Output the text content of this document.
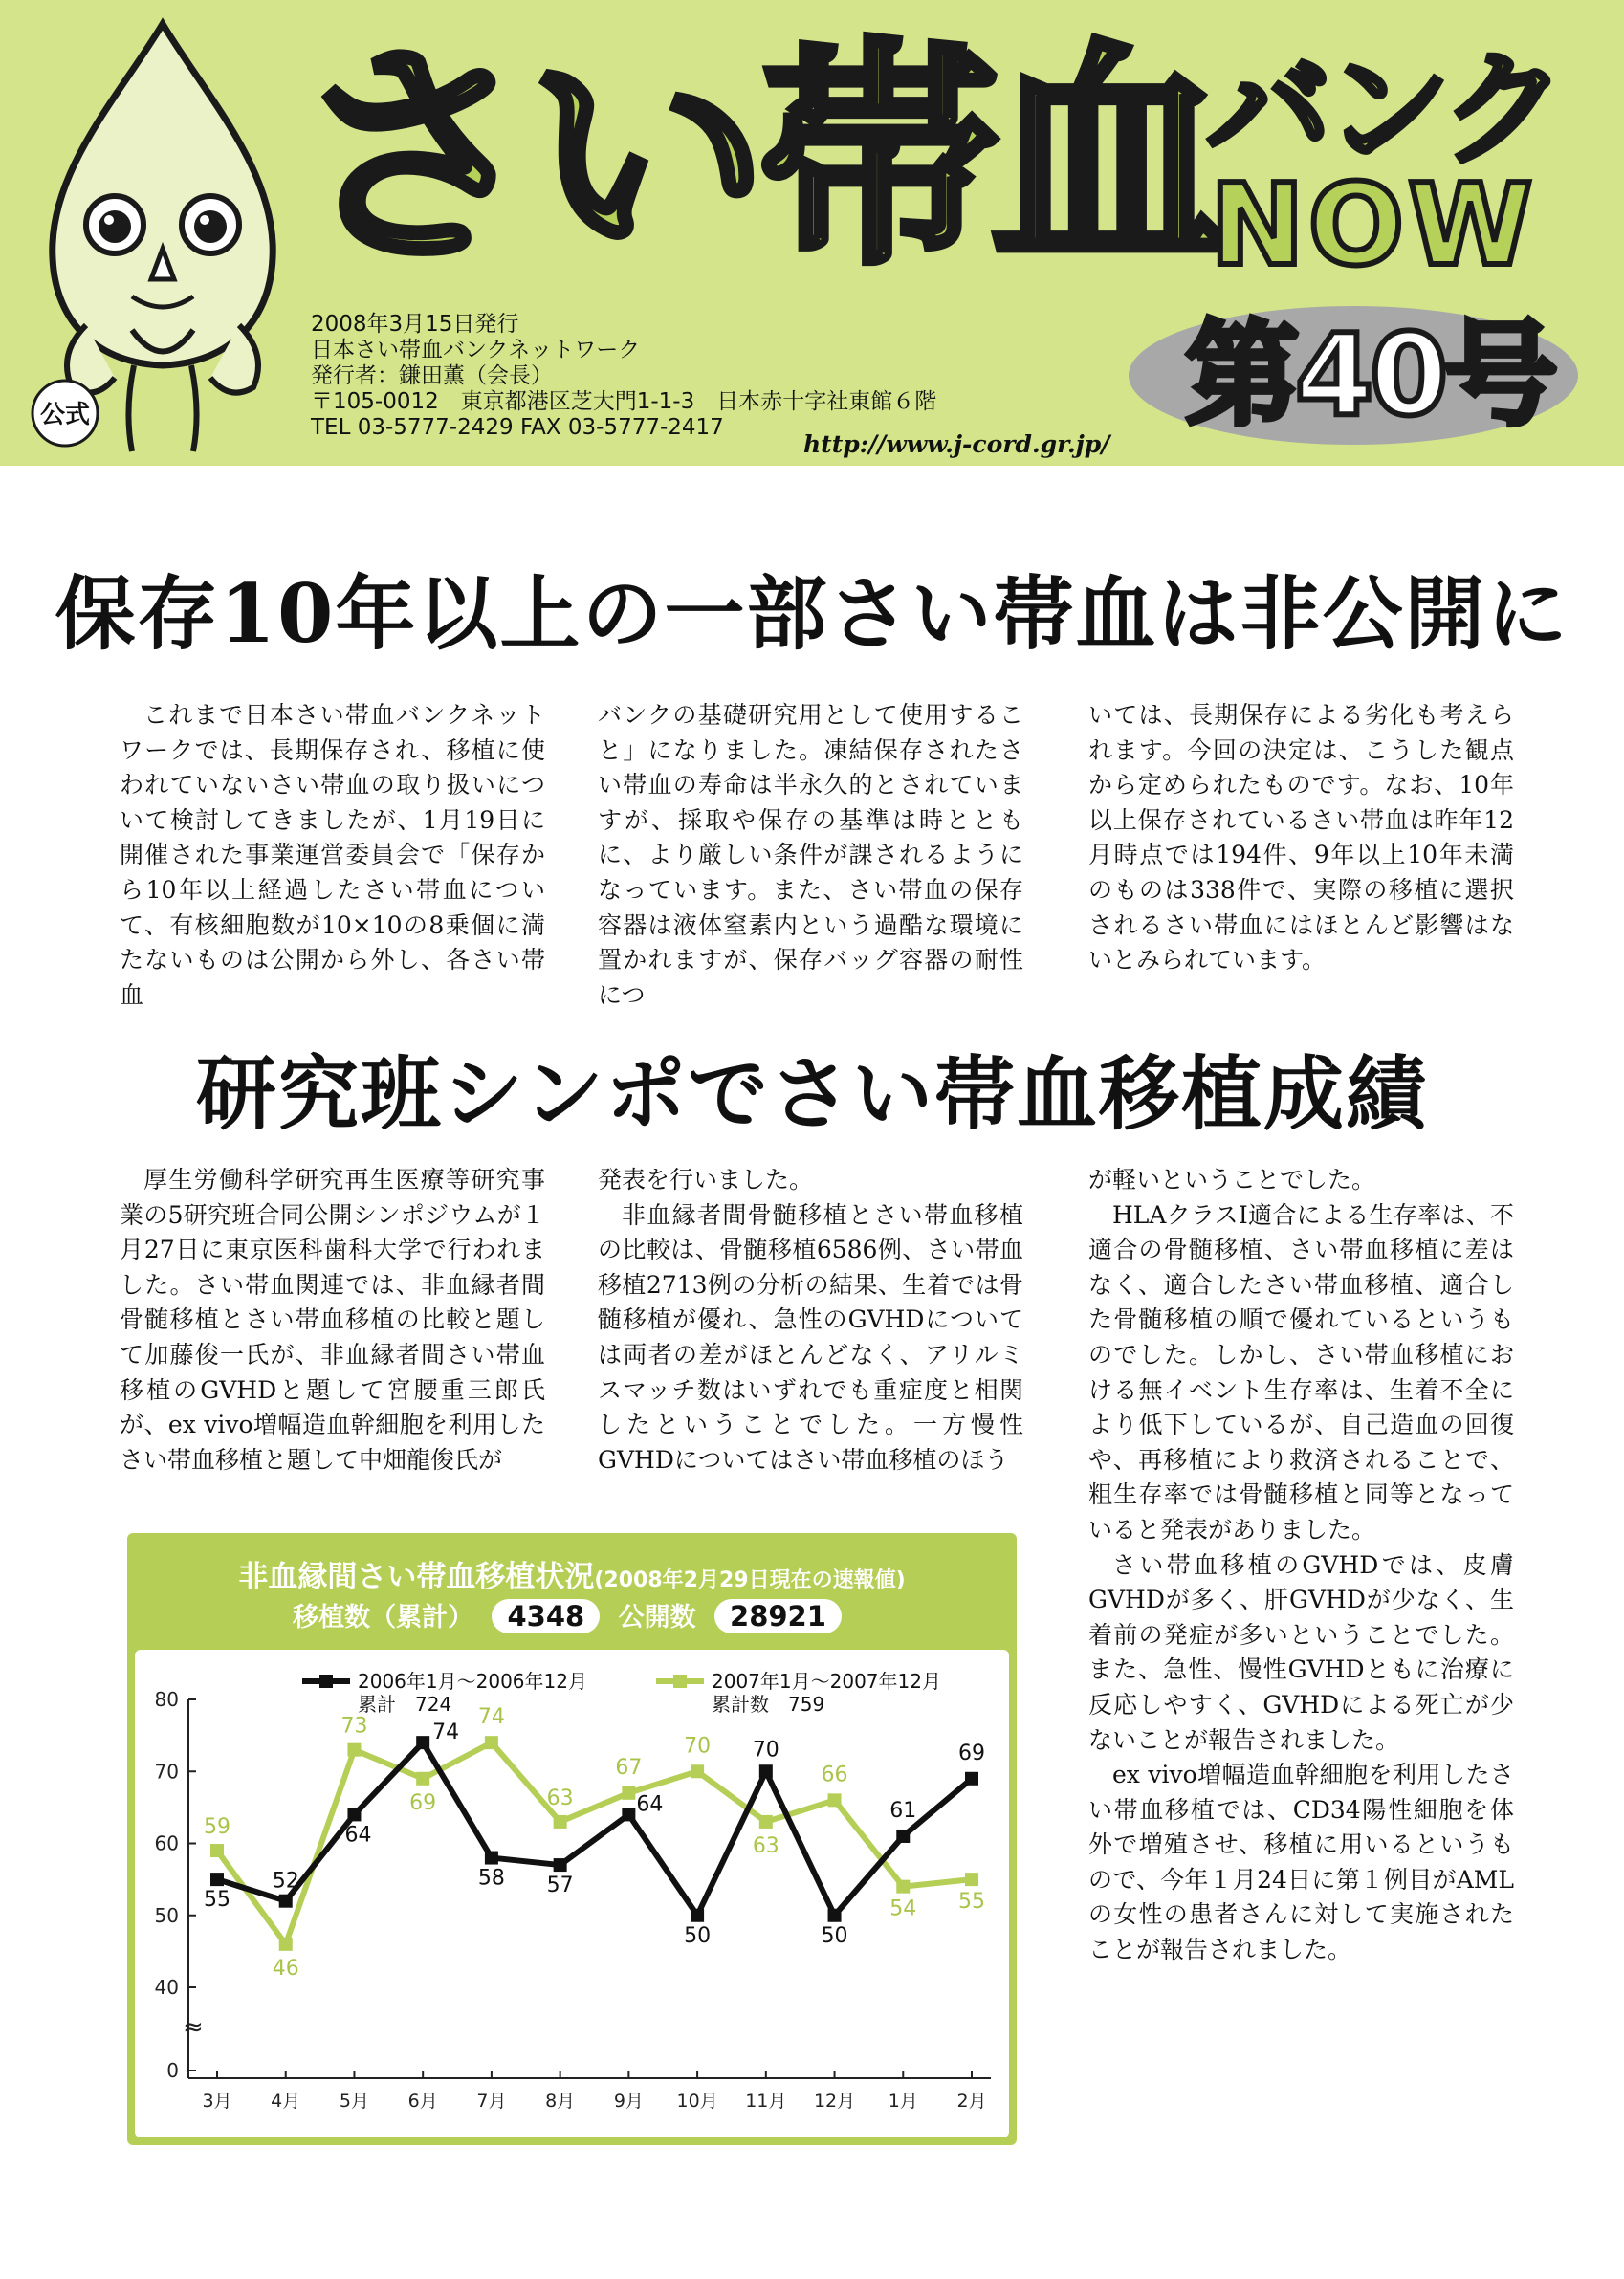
公式
さい帯血
バンク
NOW
第40号
2008年3月15日発行
日本さい帯血バンクネットワーク
発行者：鎌田薫（会長）
〒105-0012　東京都港区芝大門1-1-3　日本赤十字社東館６階
TEL 03-5777-2429 FAX 03-5777-2417
http://www.j-cord.gr.jp/
保存10年以上の一部さい帯血は非公開に

これまで日本さい帯血バンクネットワークでは、長期保存され、移植に使われていないさい帯血の取り扱いについて検討してきましたが、1月19日に開催された事業運営委員会で「保存から10年以上経過したさい帯血について、有核細胞数が10×10の8乗個に満たないものは公開から外し、各さい帯血

バンクの基礎研究用として使用すること」になりました。凍結保存されたさい帯血の寿命は半永久的とされていますが、採取や保存の基準は時とともに、より厳しい条件が課されるようになっています。また、さい帯血の保存容器は液体窒素内という過酷な環境に置かれますが、保存バッグ容器の耐性につ

いては、長期保存による劣化も考えられます。今回の決定は、こうした観点から定められたものです。なお、10年以上保存されているさい帯血は昨年12月時点では194件、9年以上10年未満のものは338件で、実際の移植に選択されるさい帯血にはほとんど影響はないとみられています。

研究班シンポでさい帯血移植成績

厚生労働科学研究再生医療等研究事業の5研究班合同公開シンポジウムが１月27日に東京医科歯科大学で行われました。さい帯血関連では、非血縁者間骨髄移植とさい帯血移植の比較と題して加藤俊一氏が、非血縁者間さい帯血移植のGVHDと題して宮腰重三郎氏が、ex vivo増幅造血幹細胞を利用したさい帯血移植と題して中畑龍俊氏が

発表を行いました。

非血縁者間骨髄移植とさい帯血移植の比較は、骨髄移植6586例、さい帯血移植2713例の分析の結果、生着では骨髄移植が優れ、急性のGVHDについては両者の差がほとんどなく、アリルミスマッチ数はいずれでも重症度と相関したということでした。一方慢性GVHDについてはさい帯血移植のほう

が軽いということでした。

HLAクラスⅠ適合による生存率は、不適合の骨髄移植、さい帯血移植に差はなく、適合したさい帯血移植、適合した骨髄移植の順で優れているというものでした。しかし、さい帯血移植における無イベント生存率は、生着不全により低下しているが、自己造血の回復や、再移植により救済されることで、粗生存率では骨髄移植と同等となっていると発表がありました。

さい帯血移植のGVHDでは、皮膚GVHDが多く、肝GVHDが少なく、生着前の発症が多いということでした。また、急性、慢性GVHDともに治療に反応しやすく、GVHDによる死亡が少ないことが報告されました。

ex vivo増幅造血幹細胞を利用したさい帯血移植では、CD34陽性細胞を体外で増殖させ、移植に用いるというもので、今年１月24日に第１例目がAMLの女性の患者さんに対して実施されたことが報告されました。

非血縁間さい帯血移植状況(2008年2月29日現在の速報値)
移植数（累計） 4348 公開数 28921
≈
0
40
50
60
70
80
3月 4月 5月 6月 7月 8月 9月 10月 11月 12月 1月 2月
59
46
73
69
74
63
67
70
63
66
54 55
55
52
64
74
58 57
64
50
70
50
61
69
2006年1月～2006年12月
累計　724
2007年1月～2007年12月
累計数　759
